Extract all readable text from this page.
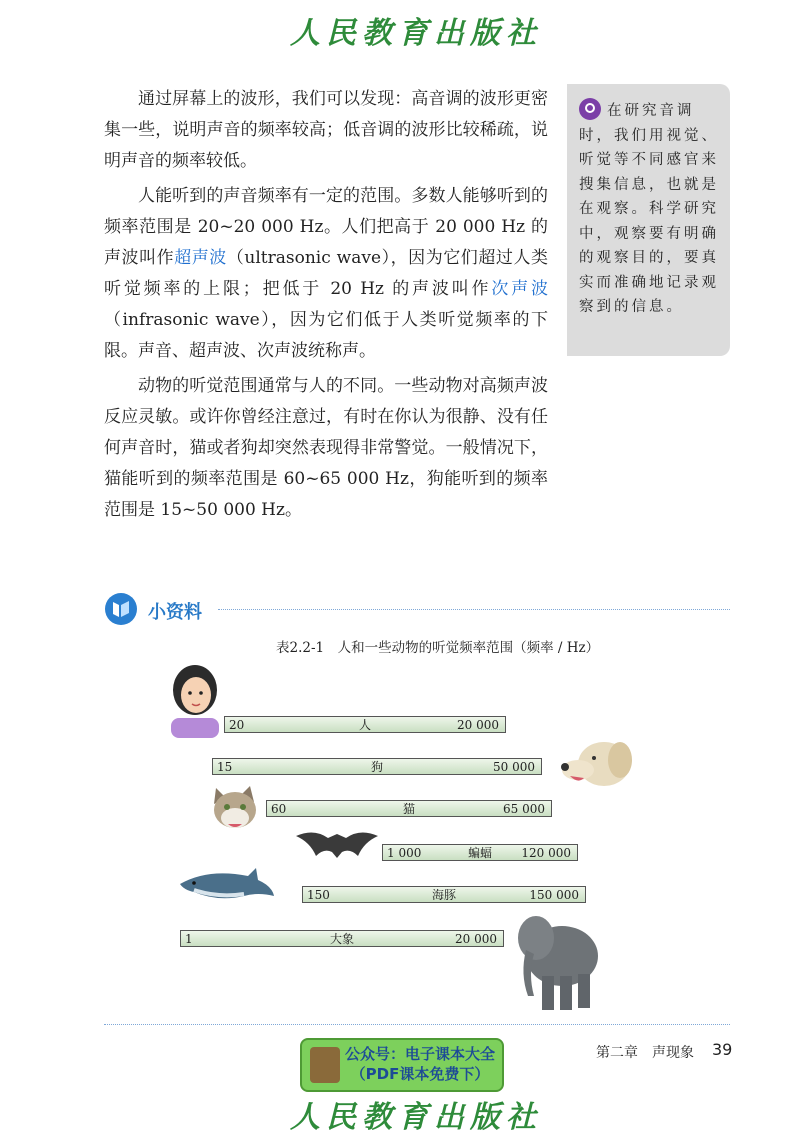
人民教育出版社

通过屏幕上的波形，我们可以发现：高音调的波形更密集一些，说明声音的频率较高；低音调的波形比较稀疏，说明声音的频率较低。

人能听到的声音频率有一定的范围。多数人能够听到的频率范围是 20~20 000 Hz。人们把高于 20 000 Hz 的声波叫作超声波（ultrasonic wave），因为它们超过人类听觉频率的上限；把低于 20 Hz 的声波叫作次声波（infrasonic wave），因为它们低于人类听觉频率的下限。声音、超声波、次声波统称声。

动物的听觉范围通常与人的不同。一些动物对高频声波反应灵敏。或许你曾经注意过，有时在你认为很静、没有任何声音时，猫或者狗却突然表现得非常警觉。一般情况下，猫能听到的频率范围是 60~65 000 Hz，狗能听到的频率范围是 15~50 000 Hz。

在研究音调时，我们用视觉、听觉等不同感官来搜集信息，也就是在观察。科学研究中，观察要有明确的观察目的，要真实而准确地记录观察到的信息。
小资料
表2.2-1　人和一些动物的听觉频率范围（频率 / Hz）
20	人	20 000
15	狗	50 000
60	猫	65 000
1 000	蝙蝠 120 000
150	海豚	150 000
1	大象	20 000
第二章　声现象 39
公众号：电子课本大全
（PDF课本免费下）
人民教育出版社
